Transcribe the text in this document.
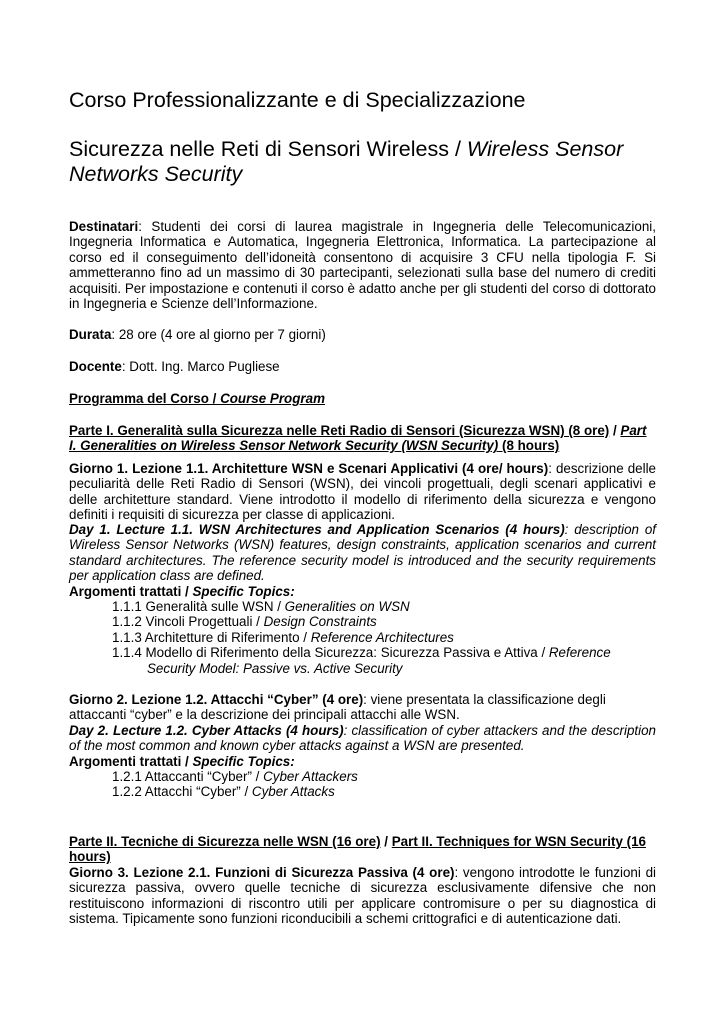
Corso Professionalizzante e di Specializzazione
Sicurezza nelle Reti di Sensori Wireless / Wireless Sensor Networks Security
Destinatari: Studenti dei corsi di laurea magistrale in Ingegneria delle Telecomunicazioni, Ingegneria Informatica e Automatica, Ingegneria Elettronica, Informatica. La partecipazione al corso ed il conseguimento dell’idoneità consentono di acquisire 3 CFU nella tipologia F. Si ammetteranno fino ad un massimo di 30 partecipanti, selezionati sulla base del numero di crediti acquisiti. Per impostazione e contenuti il corso è adatto anche per gli studenti del corso di dottorato in Ingegneria e Scienze dell’Informazione.
Durata: 28 ore (4 ore al giorno per 7 giorni)
Docente: Dott. Ing. Marco Pugliese
Programma del Corso / Course Program
Parte I. Generalità sulla Sicurezza nelle Reti Radio di Sensori (Sicurezza WSN) (8 ore) / Part I. Generalities on Wireless Sensor Network Security (WSN Security) (8 hours)
Giorno 1. Lezione 1.1. Architetture WSN e Scenari Applicativi (4 ore/ hours): descrizione delle peculiarità delle Reti Radio di Sensori (WSN), dei vincoli progettuali, degli scenari applicativi e delle architetture standard. Viene introdotto il modello di riferimento della sicurezza e vengono definiti i requisiti di sicurezza per classe di applicazioni.
Day 1. Lecture 1.1. WSN Architectures and Application Scenarios (4 hours): description of Wireless Sensor Networks (WSN) features, design constraints, application scenarios and current standard architectures. The reference security model is introduced and the security requirements per application class are defined.
Argomenti trattati / Specific Topics:
1.1.1 Generalità sulle WSN / Generalities on WSN
1.1.2 Vincoli Progettuali / Design Constraints
1.1.3 Architetture di Riferimento / Reference Architectures
1.1.4 Modello di Riferimento della Sicurezza: Sicurezza Passiva e Attiva / Reference
Security Model: Passive vs. Active Security
Giorno 2. Lezione 1.2. Attacchi “Cyber” (4 ore): viene presentata la classificazione degli attaccanti “cyber” e la descrizione dei principali attacchi alle WSN.
Day 2. Lecture 1.2. Cyber Attacks (4 hours): classification of cyber attackers and the description of the most common and known cyber attacks against a WSN are presented.
Argomenti trattati / Specific Topics:
1.2.1 Attaccanti “Cyber” / Cyber Attackers
1.2.2 Attacchi “Cyber” / Cyber Attacks
Parte II. Tecniche di Sicurezza nelle WSN (16 ore) / Part II. Techniques for WSN Security (16 hours)
Giorno 3. Lezione 2.1. Funzioni di Sicurezza Passiva (4 ore): vengono introdotte le funzioni di sicurezza passiva, ovvero quelle tecniche di sicurezza esclusivamente difensive che non restituiscono informazioni di riscontro utili per applicare contromisure o per su diagnostica di sistema. Tipicamente sono funzioni riconducibili a schemi crittografici e di autenticazione dati.
